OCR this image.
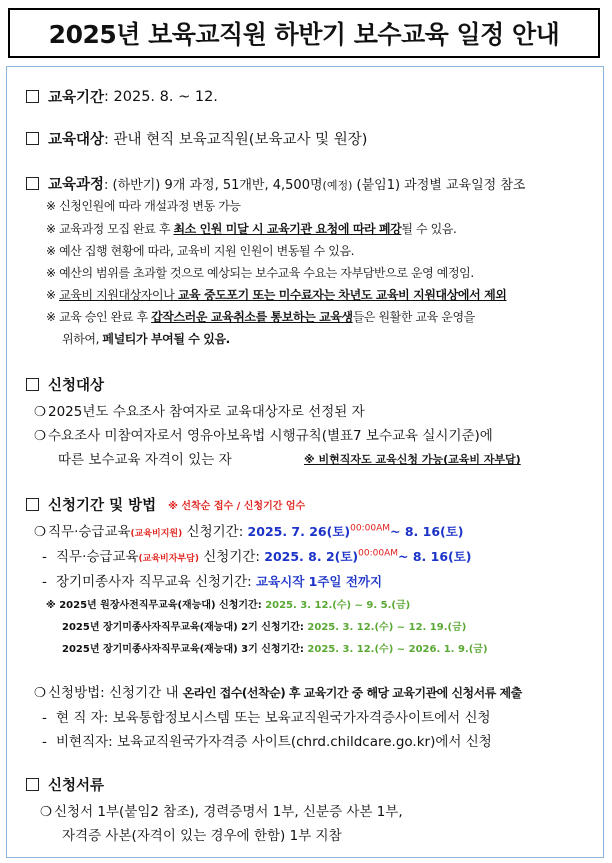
2025년 보육교직원 하반기 보수교육 일정 안내
교육기간 : 2025. 8. ~ 12.
교육대상 : 관내 현직 보육교직원(보육교사 및 원장)
교육과정 : (하반기) 9개 과정, 51개반, 4,500명(예정) (붙임1) 과정별 교육일정 참조
※ 신청인원에 따라 개설과정 변동 가능
※ 교육과정 모집 완료 후 최소 인원 미달 시 교육기관 요청에 따라 폐강될 수 있음.
※ 예산 집행 현황에 따라, 교육비 지원 인원이 변동될 수 있음.
※ 예산의 범위를 초과할 것으로 예상되는 보수교육 수요는 자부담반으로 운영 예정임.
※ 교육비 지원대상자이나 교육 중도포기 또는 미수료자는 차년도 교육비 지원대상에서 제외
※ 교육 승인 완료 후 갑작스러운 교육취소를 통보하는 교육생들은 원활한 교육 운영을
위하여, 페널티가 부여될 수 있음.
신청대상
❍ 2025년도 수요조사 참여자로 교육대상자로 선정된 자
❍ 수요조사 미참여자로서 영유아보육법 시행규칙(별표7 보수교육 실시기준)에
따른 보수교육 자격이 있는 자	※ 비현직자도 교육신청 가능(교육비 자부담)
신청기간 및 방법 ※ 선착순 접수 / 신청기간 엄수
❍ 직무·승급교육(교육비지원) 신청기간: 2025. 7. 26(토)$^{00:00AM}$~ 8. 16(토)
- 직무·승급교육(교육비자부담) 신청기간: 2025. 8. 2(토)$^{00:00AM}$~ 8. 16(토)
- 장기미종사자 직무교육 신청기간: 교육시작 1주일 전까지
※ 2025년 원장사전직무교육(재능대) 신청기간: 2025. 3. 12.(수) ~ 9. 5.(금)
2025년 장기미종사자직무교육(재능대) 2기 신청기간: 2025. 3. 12.(수) ~ 12. 19.(금)
2025년 장기미종사자직무교육(재능대) 3기 신청기간: 2025. 3. 12.(수) ~ 2026. 1. 9.(금)
❍ 신청방법: 신청기간 내 온라인 접수(선착순) 후 교육기간 중 해당 교육기관에 신청서류 제출
- 현 직 자: 보육통합정보시스템 또는 보육교직원국가자격증사이트에서 신청
- 비현직자: 보육교직원국가자격증 사이트(chrd.childcare.go.kr)에서 신청
신청서류
❍ 신청서 1부(붙임2 참조), 경력증명서 1부, 신분증 사본 1부,
자격증 사본(자격이 있는 경우에 한함) 1부 지참
